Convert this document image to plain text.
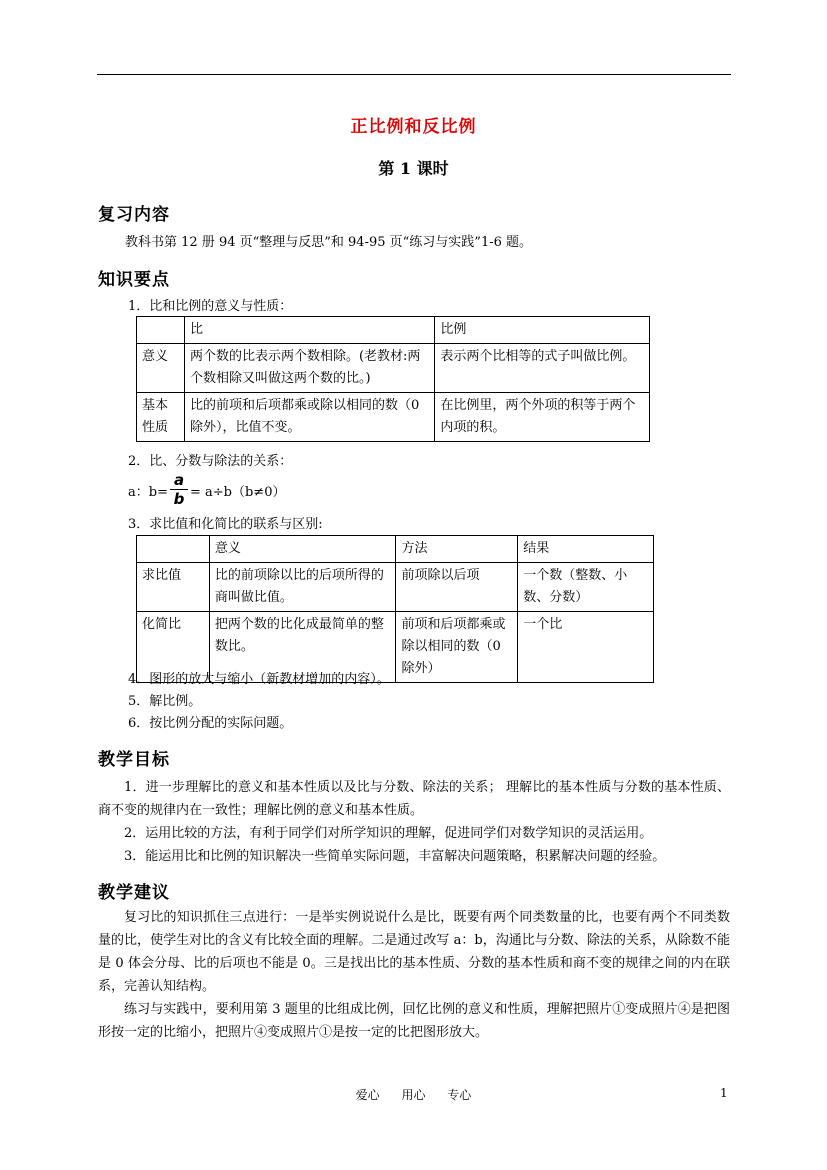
正比例和反比例
第 1 课时
复习内容
教科书第 12 册 94 页“整理与反思”和 94-95 页“练习与实践”1-6 题。
知识要点
1．比和比例的意义与性质：
	比	比例
意义	两个数的比表示两个数相除。(老教材:两个数相除又叫做这两个数的比。)	表示两个比相等的式子叫做比例。
基本性质	比的前项和后项都乘或除以相同的数（0 除外），比值不变。	在比例里，两个外项的积等于两个内项的积。
2．比、分数与除法的关系：
a：b=
a
b = a÷b（b≠0）
3．求比值和化简比的联系与区别:
	意义	方法	结果
求比值	比的前项除以比的后项所得的商叫做比值。	前项除以后项	一个数（整数、小数、分数）
化简比	把两个数的比化成最简单的整数比。	前项和后项都乘或除以相同的数（0 除外）	一个比
4．图形的放大与缩小（新教材增加的内容）。
5．解比例。
6．按比例分配的实际问题。
教学目标
1．进一步理解比的意义和基本性质以及比与分数、除法的关系； 理解比的基本性质与分数的基本性质、商不变的规律内在一致性；理解比例的意义和基本性质。
2．运用比较的方法，有利于同学们对所学知识的理解，促进同学们对数学知识的灵活运用。
3．能运用比和比例的知识解决一些简单实际问题，丰富解决问题策略，积累解决问题的经验。
教学建议
复习比的知识抓住三点进行：一是举实例说说什么是比，既要有两个同类数量的比，也要有两个不同类数量的比，使学生对比的含义有比较全面的理解。二是通过改写 a：b，沟通比与分数、除法的关系，从除数不能是 0 体会分母、比的后项也不能是 0。三是找出比的基本性质、分数的基本性质和商不变的规律之间的内在联系，完善认知结构。
练习与实践中，要利用第 3 题里的比组成比例，回忆比例的意义和性质，理解把照片①变成照片④是把图形按一定的比缩小，把照片④变成照片①是按一定的比把图形放大。
爱心 用心 专心	1
